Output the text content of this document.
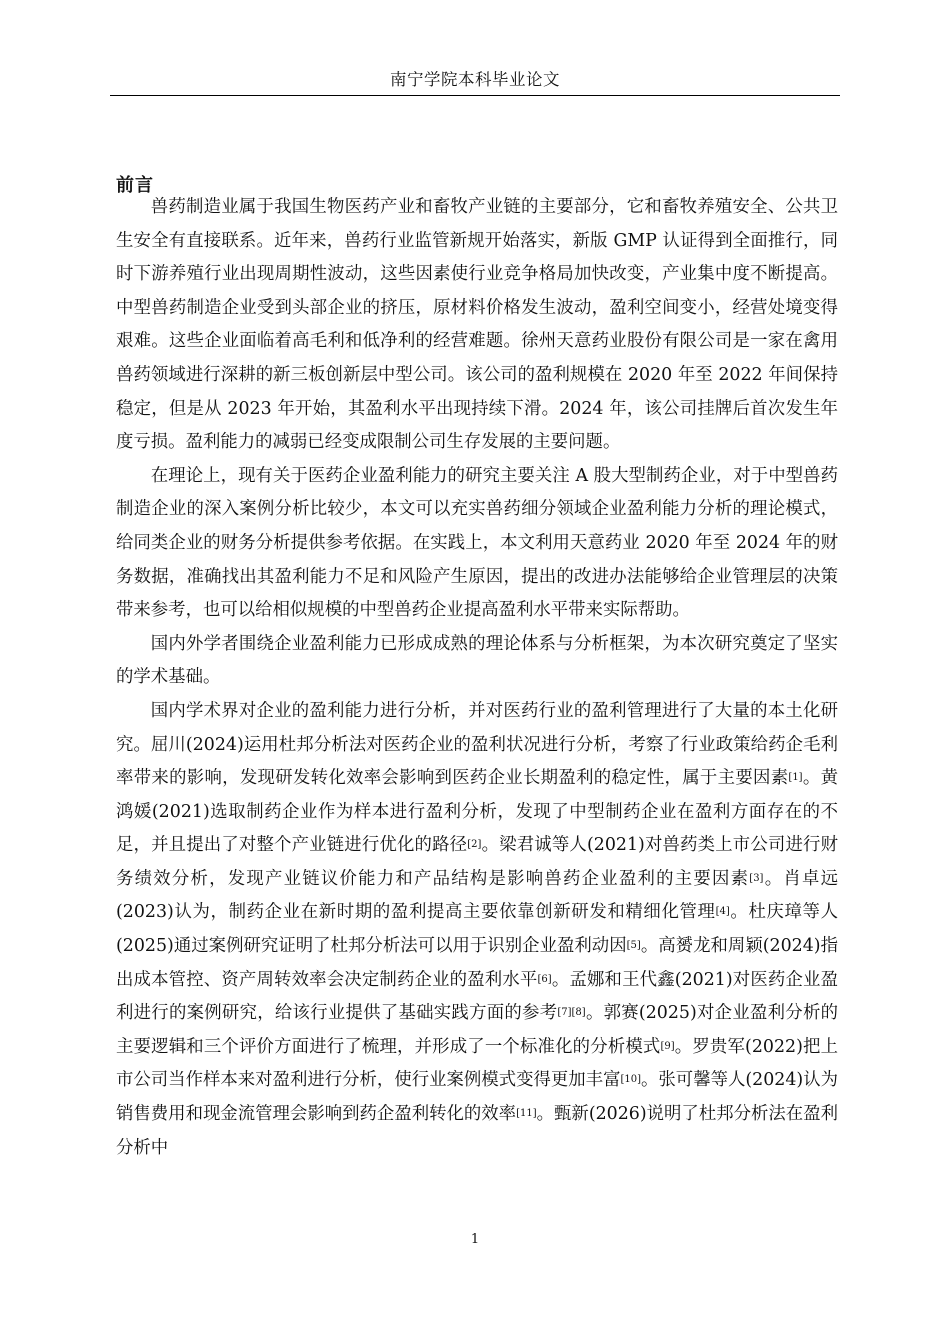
南宁学院本科毕业论文
前言

兽药制造业属于我国生物医药产业和畜牧产业链的主要部分，它和畜牧养殖安全、公共卫生安全有直接联系。近年来，兽药行业监管新规开始落实，新版 GMP 认证得到全面推行，同时下游养殖行业出现周期性波动，这些因素使行业竞争格局加快改变，产业集中度不断提高。中型兽药制造企业受到头部企业的挤压，原材料价格发生波动，盈利空间变小，经营处境变得艰难。这些企业面临着高毛利和低净利的经营难题。徐州天意药业股份有限公司是一家在禽用兽药领域进行深耕的新三板创新层中型公司。该公司的盈利规模在 2020 年至 2022 年间保持稳定，但是从 2023 年开始，其盈利水平出现持续下滑。2024 年，该公司挂牌后首次发生年度亏损。盈利能力的减弱已经变成限制公司生存发展的主要问题。

在理论上，现有关于医药企业盈利能力的研究主要关注 A 股大型制药企业，对于中型兽药制造企业的深入案例分析比较少，本文可以充实兽药细分领域企业盈利能力分析的理论模式，给同类企业的财务分析提供参考依据。在实践上，本文利用天意药业 2020 年至 2024 年的财务数据，准确找出其盈利能力不足和风险产生原因，提出的改进办法能够给企业管理层的决策带来参考，也可以给相似规模的中型兽药企业提高盈利水平带来实际帮助。

国内外学者围绕企业盈利能力已形成成熟的理论体系与分析框架，为本次研究奠定了坚实的学术基础。

国内学术界对企业的盈利能力进行分析，并对医药行业的盈利管理进行了大量的本土化研究。屈川(2024)运用杜邦分析法对医药企业的盈利状况进行分析，考察了行业政策给药企毛利率带来的影响，发现研发转化效率会影响到医药企业长期盈利的稳定性，属于主要因素[1]。黄鸿媛(2021)选取制药企业作为样本进行盈利分析，发现了中型制药企业在盈利方面存在的不足，并且提出了对整个产业链进行优化的路径[2]。梁君诚等人(2021)对兽药类上市公司进行财务绩效分析，发现产业链议价能力和产品结构是影响兽药企业盈利的主要因素[3]。肖卓远(2023)认为，制药企业在新时期的盈利提高主要依靠创新研发和精细化管理[4]。杜庆璋等人(2025)通过案例研究证明了杜邦分析法可以用于识别企业盈利动因[5]。高赟龙和周颖(2024)指出成本管控、资产周转效率会决定制药企业的盈利水平[6]。孟娜和王代鑫(2021)对医药企业盈利进行的案例研究，给该行业提供了基础实践方面的参考[7][8]。郭赛(2025)对企业盈利分析的主要逻辑和三个评价方面进行了梳理，并形成了一个标准化的分析模式[9]。罗贵军(2022)把上市公司当作样本来对盈利进行分析，使行业案例模式变得更加丰富[10]。张可馨等人(2024)认为销售费用和现金流管理会影响到药企盈利转化的效率[11]。甄新(2026)说明了杜邦分析法在盈利分析中

1
